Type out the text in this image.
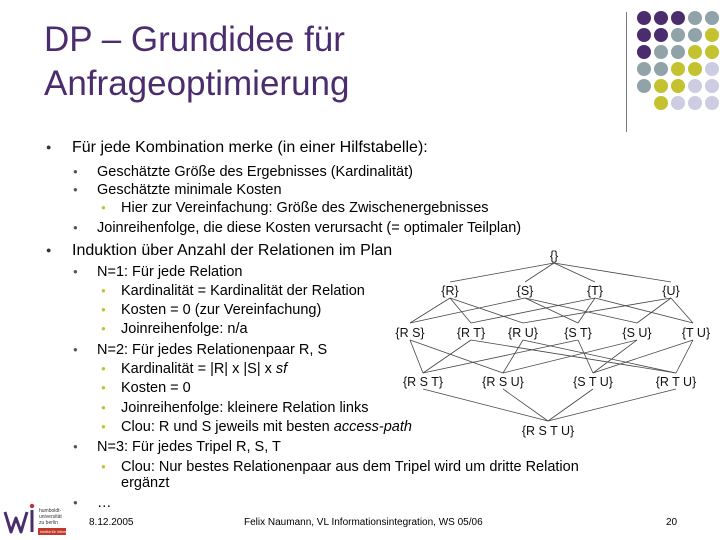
DP – Grundidee für
Anfrageoptimierung
● Für jede Kombination merke (in einer Hilfstabelle):
● Geschätzte Größe des Ergebnisses (Kardinalität)
● Geschätzte minimale Kosten
● Hier zur Vereinfachung: Größe des Zwischenergebnisses
● Joinreihenfolge, die diese Kosten verursacht (= optimaler Teilplan)
● Induktion über Anzahl der Relationen im Plan
● N=1: Für jede Relation
● Kardinalität = Kardinalität der Relation
● Kosten = 0 (zur Vereinfachung)
● Joinreihenfolge: n/a
● N=2: Für jedes Relationenpaar R, S
● Kardinalität = |R| x |S| x sf
● Kosten = 0
● Joinreihenfolge: kleinere Relation links
● Clou: R und S jeweils mit besten access-path
● N=3: Für jedes Tripel R, S, T
● Clou: Nur bestes Relationenpaar aus dem Tripel wird um dritte Relation
ergänzt
● …
{}
{R}	{S}	{T}	{U}
{R S}	{R T} {R U} {S T} {S U} {T U}
{R S T}	{R S U}	{S T U}	{R T U}
{R S T U}
humboldt-
universität
zu berlin
Institut für Informatik
8.12.2005	Felix Naumann, VL Informationsintegration, WS 05/06	20
